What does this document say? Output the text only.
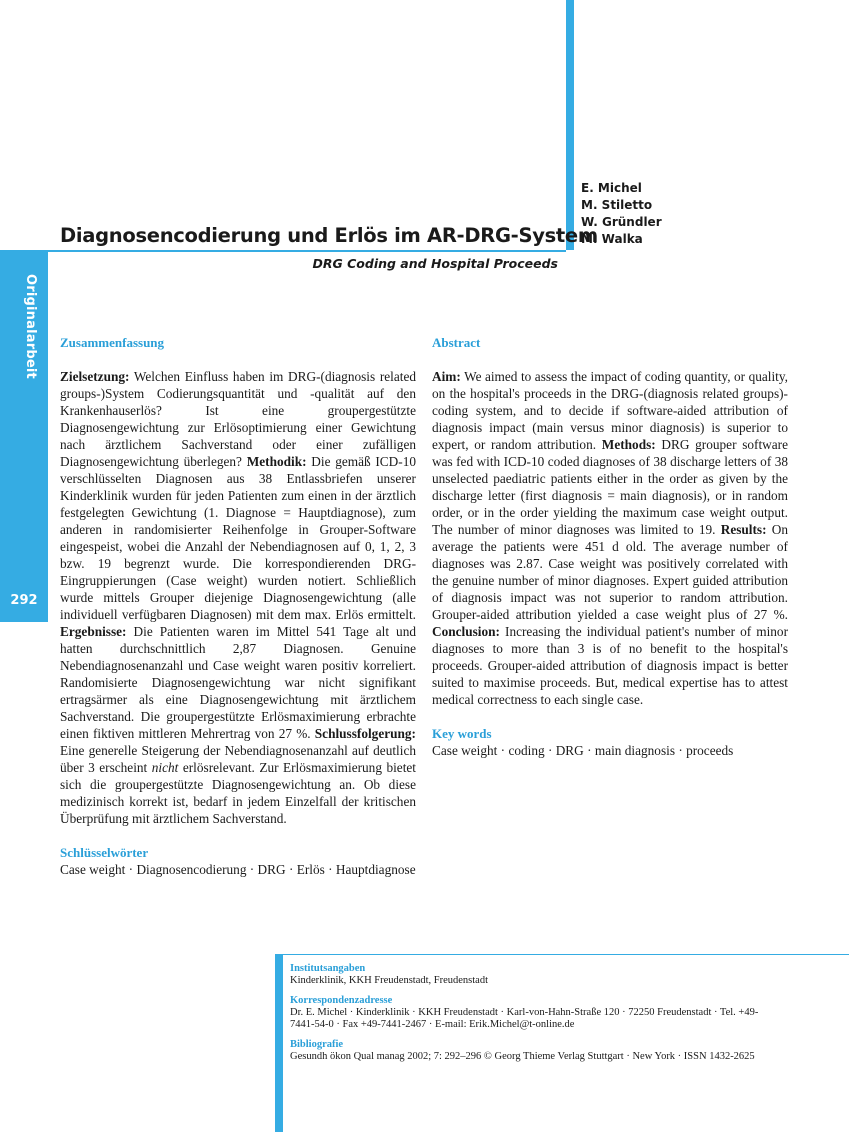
Originalarbeit
292
E. Michel
M. Stiletto
W. Gründler
M. Walka
Diagnosencodierung und Erlös im AR-DRG-System
DRG Coding and Hospital Proceeds

Zusammenfassung

Zielsetzung: Welchen Einfluss haben im DRG-(diagnosis related groups-)System Codierungsquantität und -qualität auf den Krankenhauserlös? Ist eine groupergestützte Diagnosengewichtung zur Erlösoptimierung einer Gewichtung nach ärztlichem Sachverstand oder einer zufälligen Diagnosengewichtung überlegen? Methodik: Die gemäß ICD-10 verschlüsselten Diagnosen aus 38 Entlassbriefen unserer Kinderklinik wurden für jeden Patienten zum einen in der ärztlich festgelegten Gewichtung (1. Diagnose = Hauptdiagnose), zum anderen in randomisierter Reihenfolge in Grouper-Software eingespeist, wobei die Anzahl der Nebendiagnosen auf 0, 1, 2, 3 bzw. 19 begrenzt wurde. Die korrespondierenden DRG-Eingruppierungen (Case weight) wurden notiert. Schließlich wurde mittels Grouper diejenige Diagnosengewichtung (alle individuell verfügbaren Diagnosen) mit dem max. Erlös ermittelt. Ergebnisse: Die Patienten waren im Mittel 541 Tage alt und hatten durchschnittlich 2,87 Diagnosen. Genuine Nebendiagnosenanzahl und Case weight waren positiv korreliert. Randomisierte Diagnosengewichtung war nicht signifikant ertragsärmer als eine Diagnosengewichtung mit ärztlichem Sachverstand. Die groupergestützte Erlösmaximierung erbrachte einen fiktiven mittleren Mehrertrag von 27 %. Schlussfolgerung: Eine generelle Steigerung der Nebendiagnosenanzahl auf deutlich über 3 erscheint nicht erlösrelevant. Zur Erlösmaximierung bietet sich die groupergestützte Diagnosengewichtung an. Ob diese medizinisch korrekt ist, bedarf in jedem Einzelfall der kritischen Überprüfung mit ärztlichem Sachverstand.

Schlüsselwörter

Case weight · Diagnosencodierung · DRG · Erlös · Hauptdiagnose

Abstract

Aim: We aimed to assess the impact of coding quantity, or quality, on the hospital's proceeds in the DRG-(diagnosis related groups)-coding system, and to decide if software-aided attribution of diagnosis impact (main versus minor diagnosis) is superior to expert, or random attribution. Methods: DRG grouper software was fed with ICD-10 coded diagnoses of 38 discharge letters of 38 unselected paediatric patients either in the order as given by the discharge letter (first diagnosis = main diagnosis), or in random order, or in the order yielding the maximum case weight output. The number of minor diagnoses was limited to 19. Results: On average the patients were 451 d old. The average number of diagnoses was 2.87. Case weight was positively correlated with the genuine number of minor diagnoses. Expert guided attribution of diagnosis impact was not superior to random attribution. Grouper-aided attribution yielded a case weight plus of 27 %. Conclusion: Increasing the individual patient's number of minor diagnoses to more than 3 is of no benefit to the hospital's proceeds. Grouper-aided attribution of diagnosis impact is better suited to maximise proceeds. But, medical expertise has to attest medical correctness to each single case.

Key words

Case weight · coding · DRG · main diagnosis · proceeds

Institutsangaben

Kinderklinik, KKH Freudenstadt, Freudenstadt

Korrespondenzadresse

Dr. E. Michel · Kinderklinik · KKH Freudenstadt · Karl-von-Hahn-Straße 120 · 72250 Freudenstadt · Tel. +49-7441-54-0 · Fax +49-7441-2467 · E-mail: Erik.Michel@t-online.de

Bibliografie

Gesundh ökon Qual manag 2002; 7: 292–296 © Georg Thieme Verlag Stuttgart · New York · ISSN 1432-2625
